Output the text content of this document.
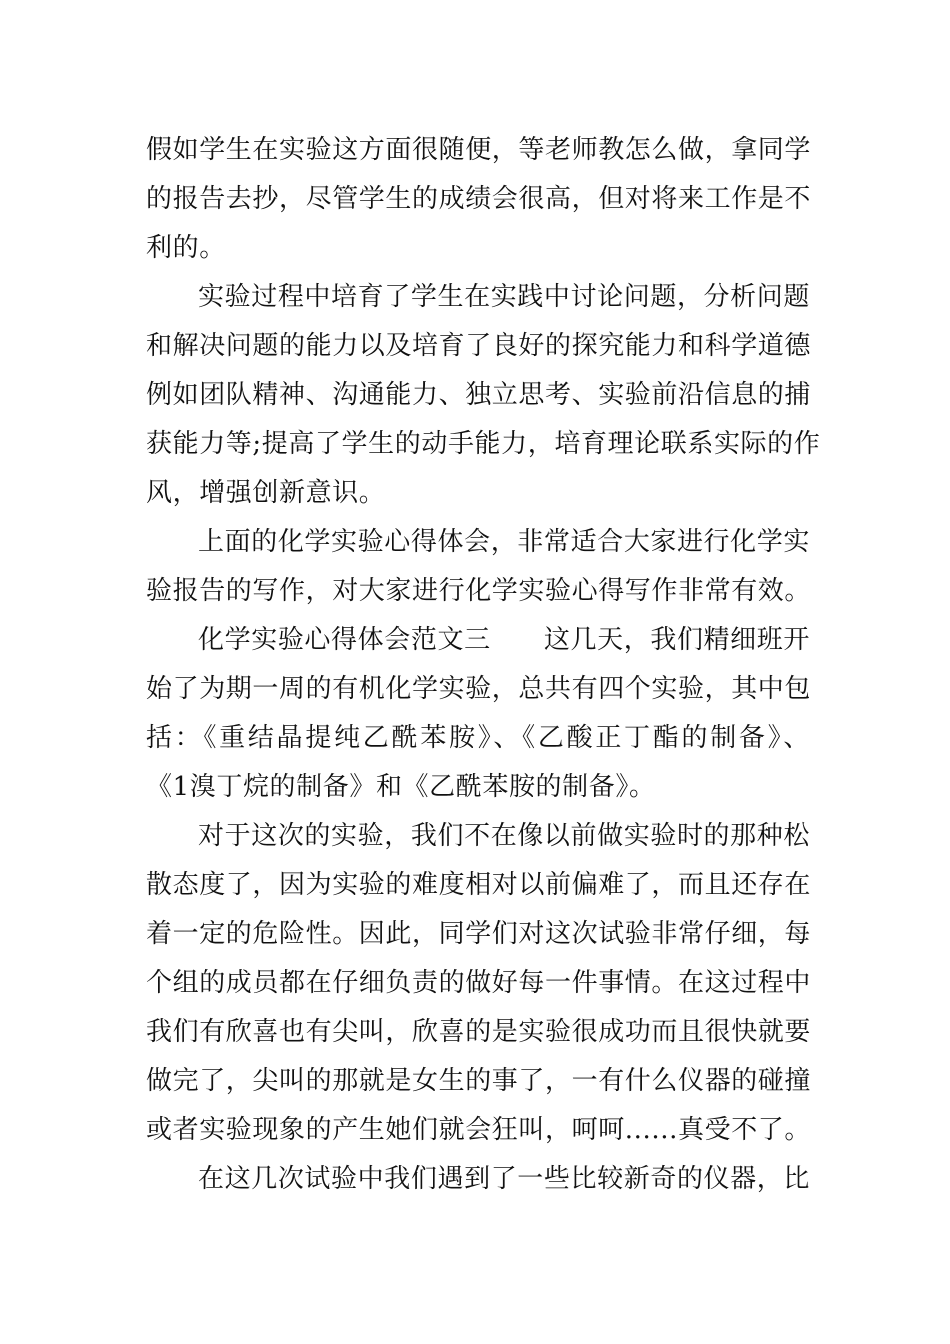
假如学生在实验这方面很随便，等老师教怎么做，拿同学
的报告去抄，尽管学生的成绩会很高，但对将来工作是不
利的。
实验过程中培育了学生在实践中讨论问题，分析问题
和解决问题的能力以及培育了良好的探究能力和科学道德
例如团队精神、沟通能力、独立思考、实验前沿信息的捕
获能力等;提高了学生的动手能力，培育理论联系实际的作
风，增强创新意识。
上面的化学实验心得体会，非常适合大家进行化学实
验报告的写作，对大家进行化学实验心得写作非常有效。
化学实验心得体会范文三　　这几天，我们精细班开
始了为期一周的有机化学实验，总共有四个实验，其中包
括：《重结晶提纯乙酰苯胺》、《乙酸正丁酯的制备》、
《1溴丁烷的制备》和《乙酰苯胺的制备》。
对于这次的实验，我们不在像以前做实验时的那种松
散态度了，因为实验的难度相对以前偏难了，而且还存在
着一定的危险性。因此，同学们对这次试验非常仔细，每
个组的成员都在仔细负责的做好每一件事情。在这过程中
我们有欣喜也有尖叫，欣喜的是实验很成功而且很快就要
做完了，尖叫的那就是女生的事了，一有什么仪器的碰撞
或者实验现象的产生她们就会狂叫，呵呵......真受不了。
在这几次试验中我们遇到了一些比较新奇的仪器，比
